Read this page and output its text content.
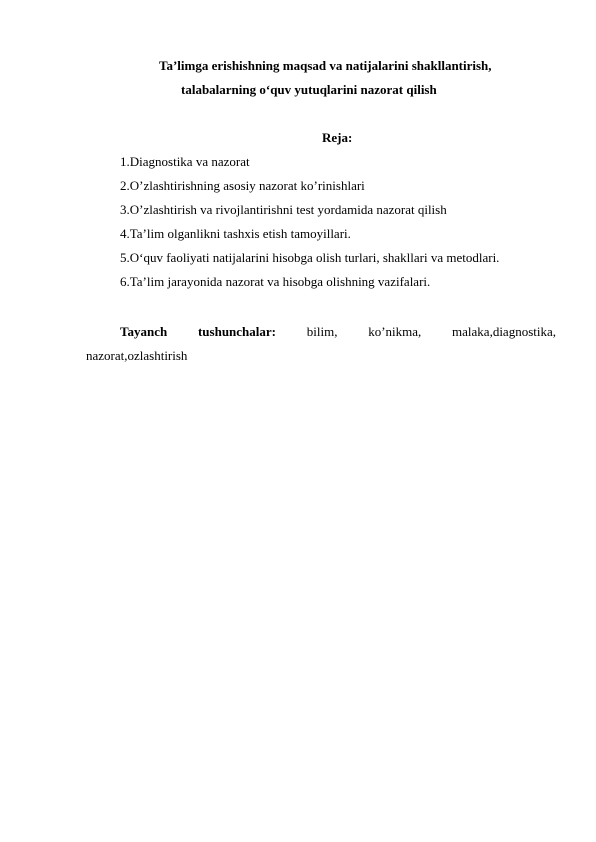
Ta’limga erishishning maqsad va natijalarini shakllantirish,
talabalarning o‘quv yutuqlarini nazorat qilish
Reja:
1.Diagnostika va nazorat
2.O’zlashtirishning asosiy nazorat ko’rinishlari
3.O’zlashtirish va rivojlantirishni test yordamida nazorat qilish
4.Ta’lim olganlikni tashxis etish tamoyillari.
5.O‘quv faoliyati natijalarini hisobga olish turlari, shakllari va metodlari.
6.Ta’lim jarayonida nazorat va hisobga olishning vazifalari.
Tayanch tushunchalar: bilim, ko’nikma, malaka,diagnostika,
nazorat,ozlashtirish
